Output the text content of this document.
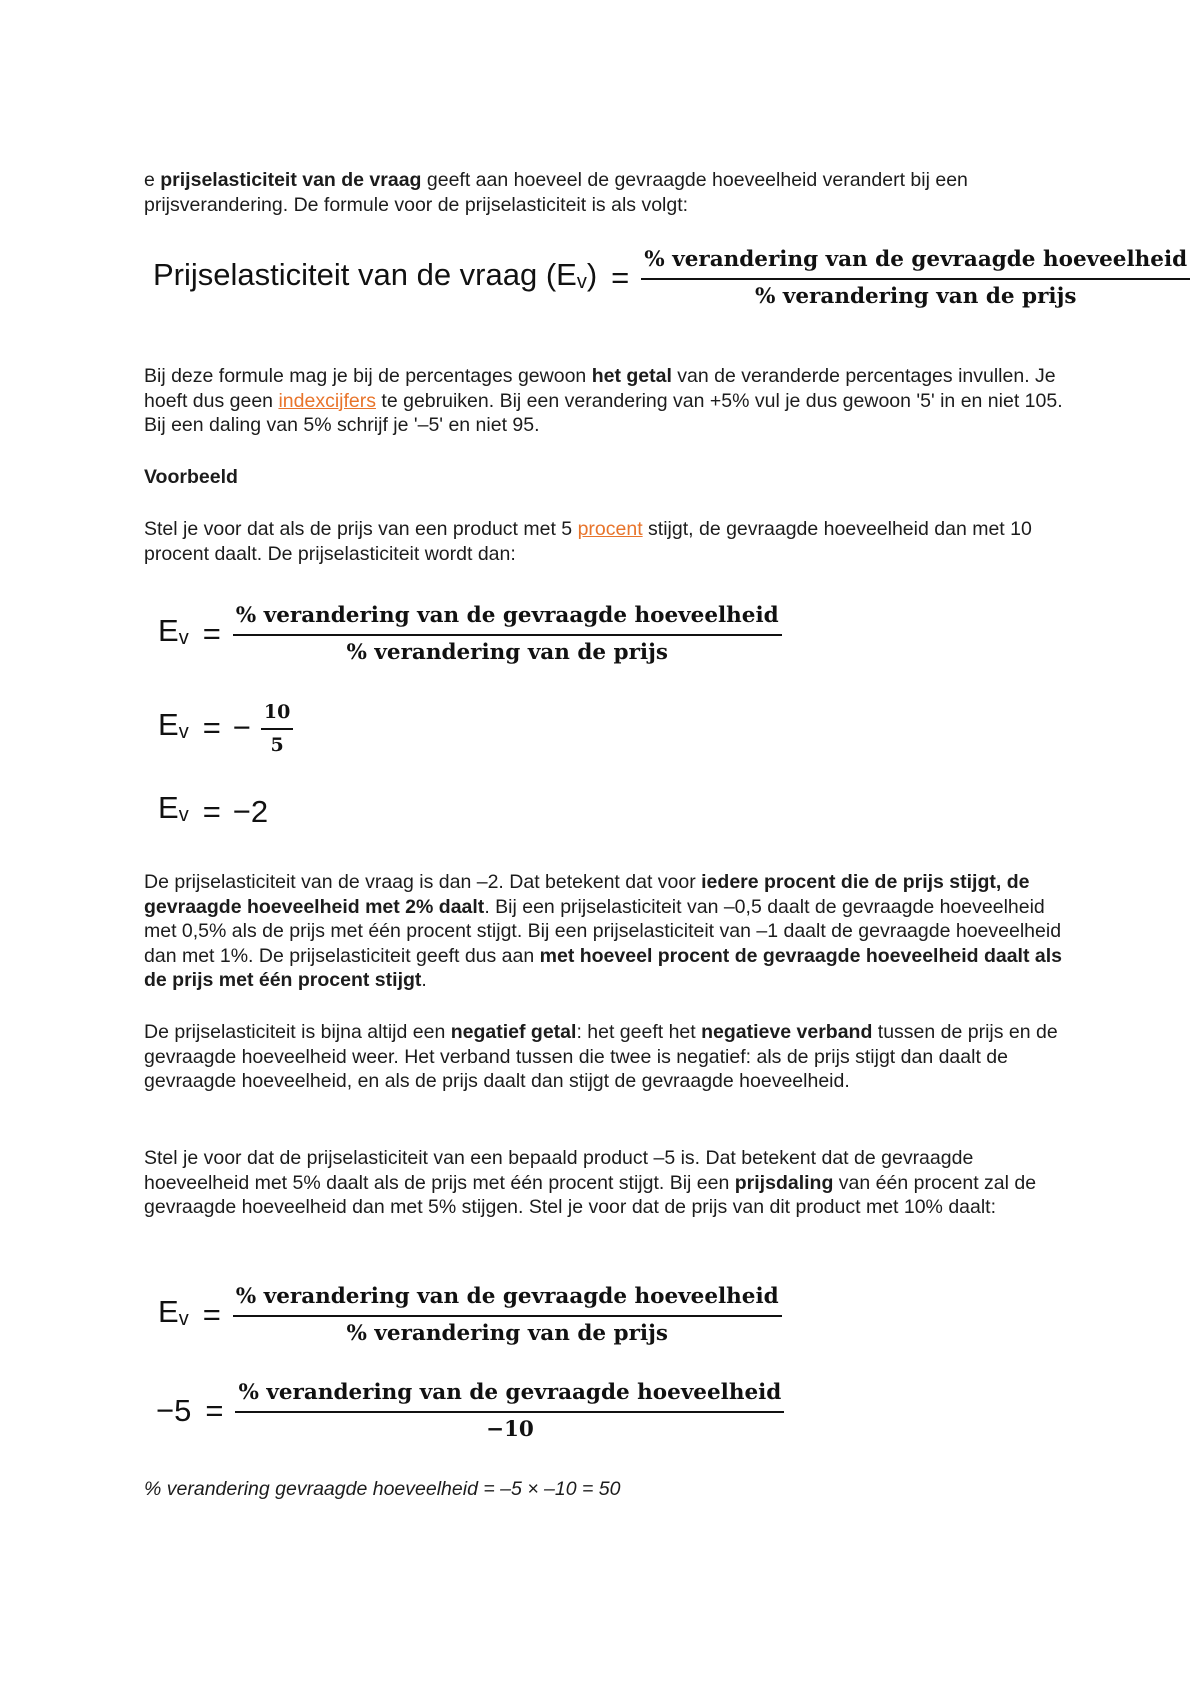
e prijselasticiteit van de vraag geeft aan hoeveel de gevraagde hoeveelheid verandert bij een prijsverandering. De formule voor de prijselasticiteit is als volgt:

Prijselasticiteit van de vraag $(E_v) = \frac{\text{\% verandering van de gevraagde hoeveelheid}}{\text{\% verandering van de prijs}}$

Bij deze formule mag je bij de percentages gewoon het getal van de veranderde percentages invullen. Je hoeft dus geen indexcijfers te gebruiken. Bij een verandering van +5% vul je dus gewoon '5' in en niet 105. Bij een daling van 5% schrijf je '–5' en niet 95.

Voorbeeld

Stel je voor dat als de prijs van een product met 5 procent stijgt, de gevraagde hoeveelheid dan met 10 procent daalt. De prijselasticiteit wordt dan:

$E_v = \frac{\text{\% verandering van de gevraagde hoeveelheid}}{\text{\% verandering van de prijs}}$
$E_v$ = − $\frac{10}{5}$
$E_v = -2$

De prijselasticiteit van de vraag is dan –2. Dat betekent dat voor iedere procent die de prijs stijgt, de gevraagde hoeveelheid met 2% daalt. Bij een prijselasticiteit van –0,5 daalt de gevraagde hoeveelheid met 0,5% als de prijs met één procent stijgt. Bij een prijselasticiteit van –1 daalt de gevraagde hoeveelheid dan met 1%. De prijselasticiteit geeft dus aan met hoeveel procent de gevraagde hoeveelheid daalt als de prijs met één procent stijgt.

De prijselasticiteit is bijna altijd een negatief getal: het geeft het negatieve verband tussen de prijs en de gevraagde hoeveelheid weer. Het verband tussen die twee is negatief: als de prijs stijgt dan daalt de gevraagde hoeveelheid, en als de prijs daalt dan stijgt de gevraagde hoeveelheid.

Stel je voor dat de prijselasticiteit van een bepaald product –5 is. Dat betekent dat de gevraagde hoeveelheid met 5% daalt als de prijs met één procent stijgt. Bij een prijsdaling van één procent zal de gevraagde hoeveelheid dan met 5% stijgen. Stel je voor dat de prijs van dit product met 10% daalt:

$E_v = \frac{\text{\% verandering van de gevraagde hoeveelheid}}{\text{\% verandering van de prijs}}$
$-5 = \frac{\text{\% verandering van de gevraagde hoeveelheid}}{-10}$

% verandering gevraagde hoeveelheid = –5 × –10 = 50
